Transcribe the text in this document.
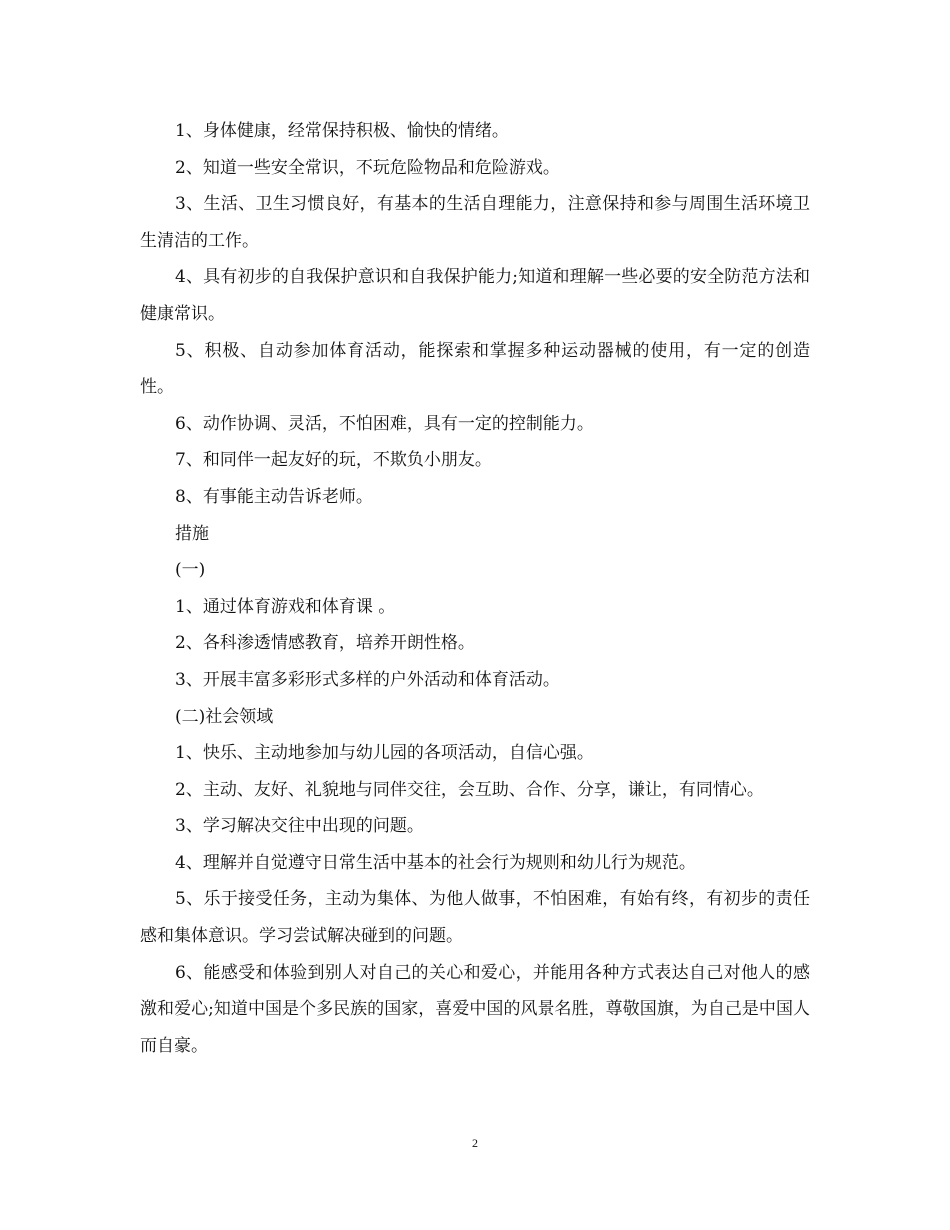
1、身体健康，经常保持积极、愉快的情绪。

2、知道一些安全常识，不玩危险物品和危险游戏。

3、生活、卫生习惯良好，有基本的生活自理能力，注意保持和参与周围生活环境卫生清洁的工作。

4、具有初步的自我保护意识和自我保护能力;知道和理解一些必要的安全防范方法和健康常识。

5、积极、自动参加体育活动，能探索和掌握多种运动器械的使用，有一定的创造性。

6、动作协调、灵活，不怕困难，具有一定的控制能力。

7、和同伴一起友好的玩，不欺负小朋友。

8、有事能主动告诉老师。

措施

(一)

1、通过体育游戏和体育课 。

2、各科渗透情感教育，培养开朗性格。

3、开展丰富多彩形式多样的户外活动和体育活动。

(二)社会领域

1、快乐、主动地参加与幼儿园的各项活动，自信心强。

2、主动、友好、礼貌地与同伴交往，会互助、合作、分享，谦让，有同情心。

3、学习解决交往中出现的问题。

4、理解并自觉遵守日常生活中基本的社会行为规则和幼儿行为规范。

5、乐于接受任务，主动为集体、为他人做事，不怕困难，有始有终，有初步的责任感和集体意识。学习尝试解决碰到的问题。

6、能感受和体验到别人对自己的关心和爱心，并能用各种方式表达自己对他人的感激和爱心;知道中国是个多民族的国家，喜爱中国的风景名胜，尊敬国旗，为自己是中国人而自豪。

2
